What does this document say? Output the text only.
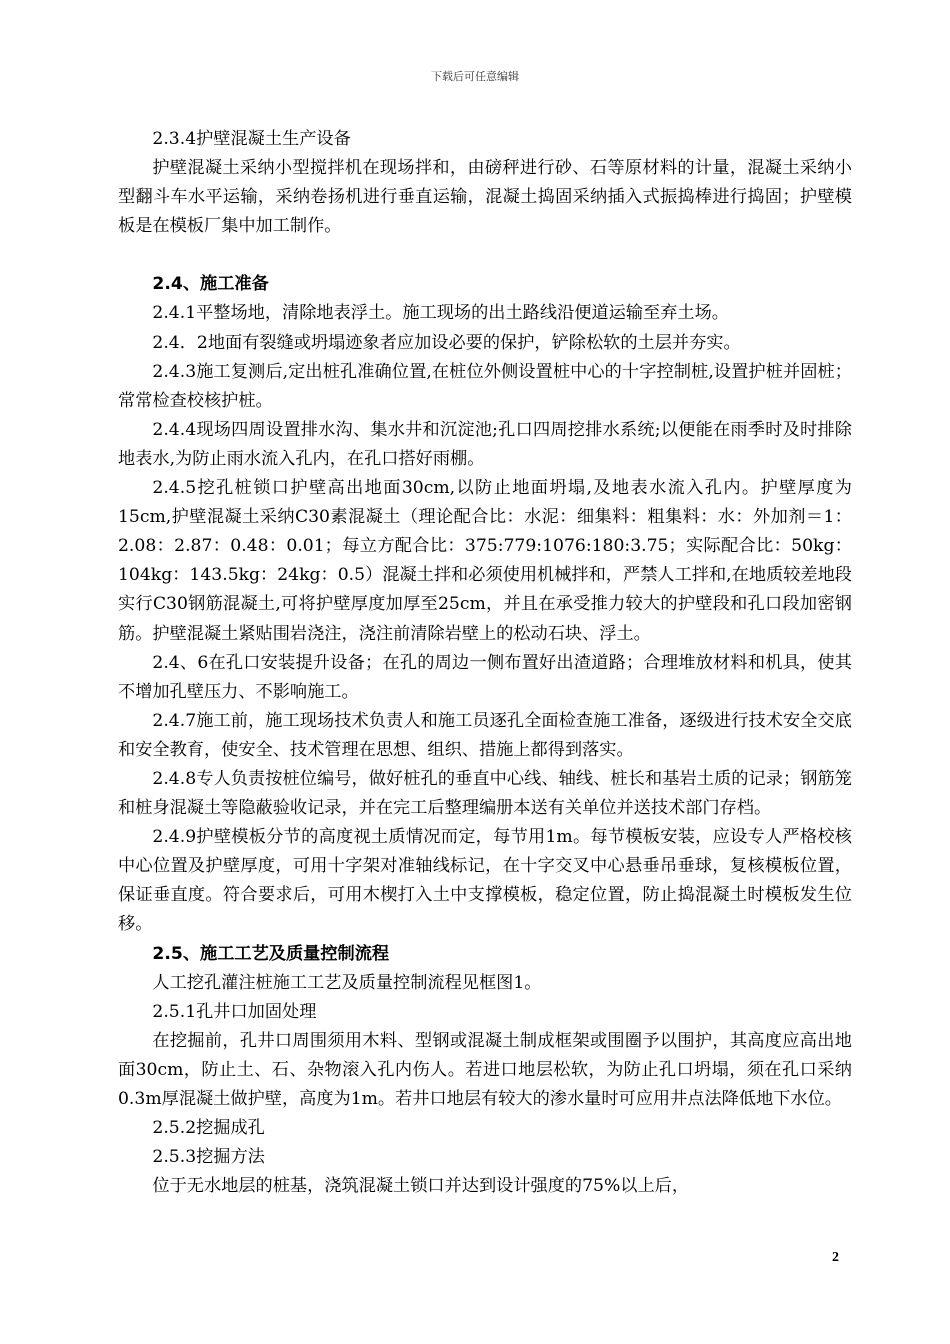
下载后可任意编辑

2.3.4护壁混凝土生产设备

护壁混凝土采纳小型搅拌机在现场拌和，由磅秤进行砂、石等原材料的计量，混凝土采纳小型翻斗车水平运输，采纳卷扬机进行垂直运输，混凝土捣固采纳插入式振捣棒进行捣固；护壁模板是在模板厂集中加工制作。

2.4、施工准备

2.4.1平整场地，清除地表浮土。施工现场的出土路线沿便道运输至弃土场。

2.4．2地面有裂缝或坍塌迹象者应加设必要的保护，铲除松软的土层并夯实。

2.4.3施工复测后,定出桩孔准确位置,在桩位外侧设置桩中心的十字控制桩,设置护桩并固桩；常常检查校核护桩。

2.4.4现场四周设置排水沟、集水井和沉淀池;孔口四周挖排水系统;以便能在雨季时及时排除地表水,为防止雨水流入孔内，在孔口搭好雨棚。

2.4.5挖孔桩锁口护壁高出地面30cm,以防止地面坍塌,及地表水流入孔内。护壁厚度为15cm,护壁混凝土采纳C30素混凝土（理论配合比：水泥：细集料：粗集料：水：外加剂＝1：2.08：2.87：0.48：0.01；每立方配合比：375:779:1076:180:3.75；实际配合比：50kg：104kg：143.5kg：24kg：0.5）混凝土拌和必须使用机械拌和，严禁人工拌和,在地质较差地段实行C30钢筋混凝土,可将护壁厚度加厚至25cm，并且在承受推力较大的护壁段和孔口段加密钢筋。护壁混凝土紧贴围岩浇注，浇注前清除岩壁上的松动石块、浮土。

2.4、6在孔口安装提升设备；在孔的周边一侧布置好出渣道路；合理堆放材料和机具，使其不增加孔壁压力、不影响施工。

2.4.7施工前，施工现场技术负责人和施工员逐孔全面检查施工准备，逐级进行技术安全交底和安全教育，使安全、技术管理在思想、组织、措施上都得到落实。

2.4.8专人负责按桩位编号，做好桩孔的垂直中心线、轴线、桩长和基岩土质的记录；钢筋笼和桩身混凝土等隐蔽验收记录，并在完工后整理编册本送有关单位并送技术部门存档。

2.4.9护壁模板分节的高度视土质情况而定，每节用1m。每节模板安装，应设专人严格校核中心位置及护壁厚度，可用十字架对准轴线标记，在十字交叉中心悬垂吊垂球，复核模板位置，保证垂直度。符合要求后，可用木楔打入土中支撑模板，稳定位置，防止捣混凝土时模板发生位移。

2.5、施工工艺及质量控制流程

人工挖孔灌注桩施工工艺及质量控制流程见框图1。

2.5.1孔井口加固处理

在挖掘前，孔井口周围须用木料、型钢或混凝土制成框架或围圈予以围护，其高度应高出地面30cm，防止土、石、杂物滚入孔内伤人。若进口地层松软，为防止孔口坍塌，须在孔口采纳0.3m厚混凝土做护壁，高度为1m。若井口地层有较大的渗水量时可应用井点法降低地下水位。

2.5.2挖掘成孔

2.5.3挖掘方法

位于无水地层的桩基，浇筑混凝土锁口并达到设计强度的75%以上后，

2
